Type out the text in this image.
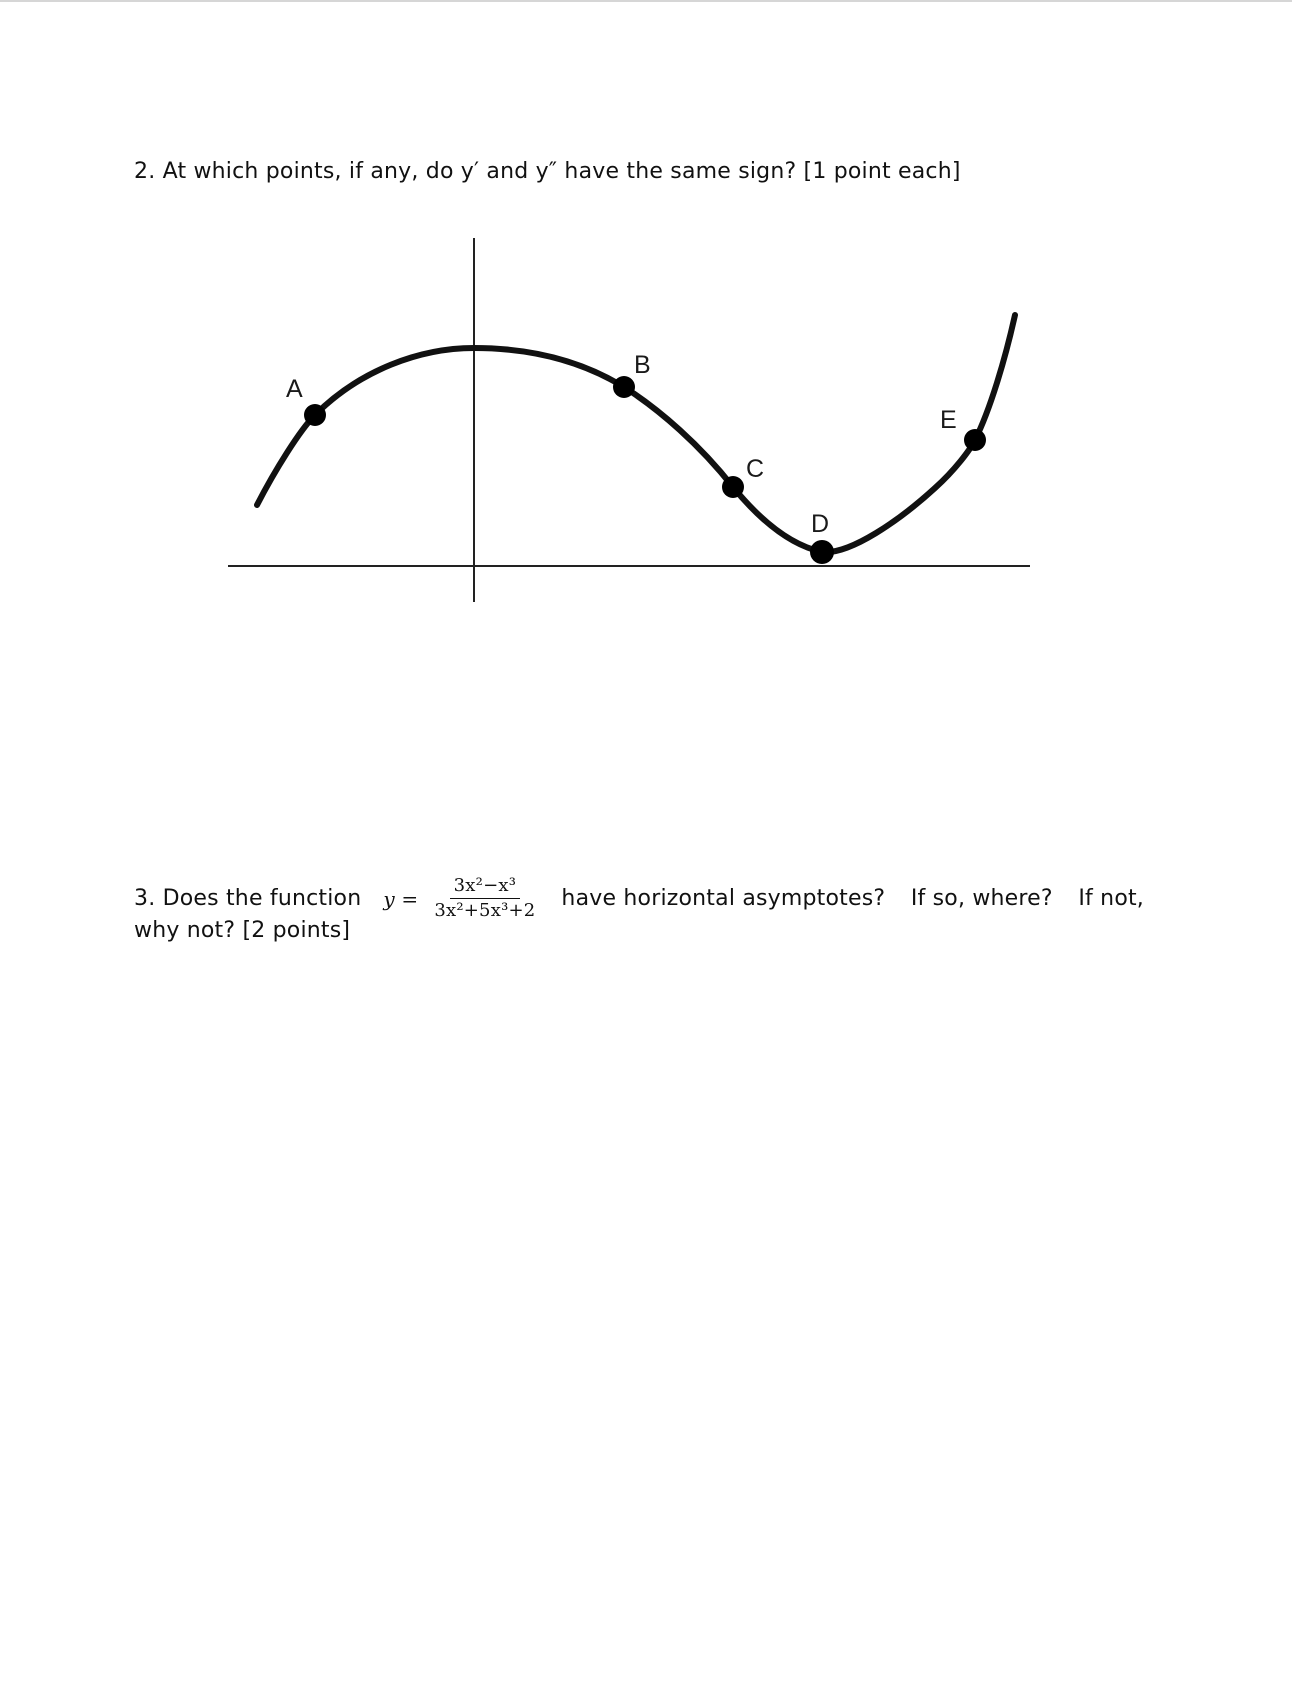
2. At which points, if any, do y′ and y″ have the same sign? [1 point each]
A
B
C
D
E
3. Does the function $y = \frac{\text{3x²−x³}}{\text{3x²+5x³+2}}$ have horizontal asymptotes? If so, where? If not,
why not? [2 points]
